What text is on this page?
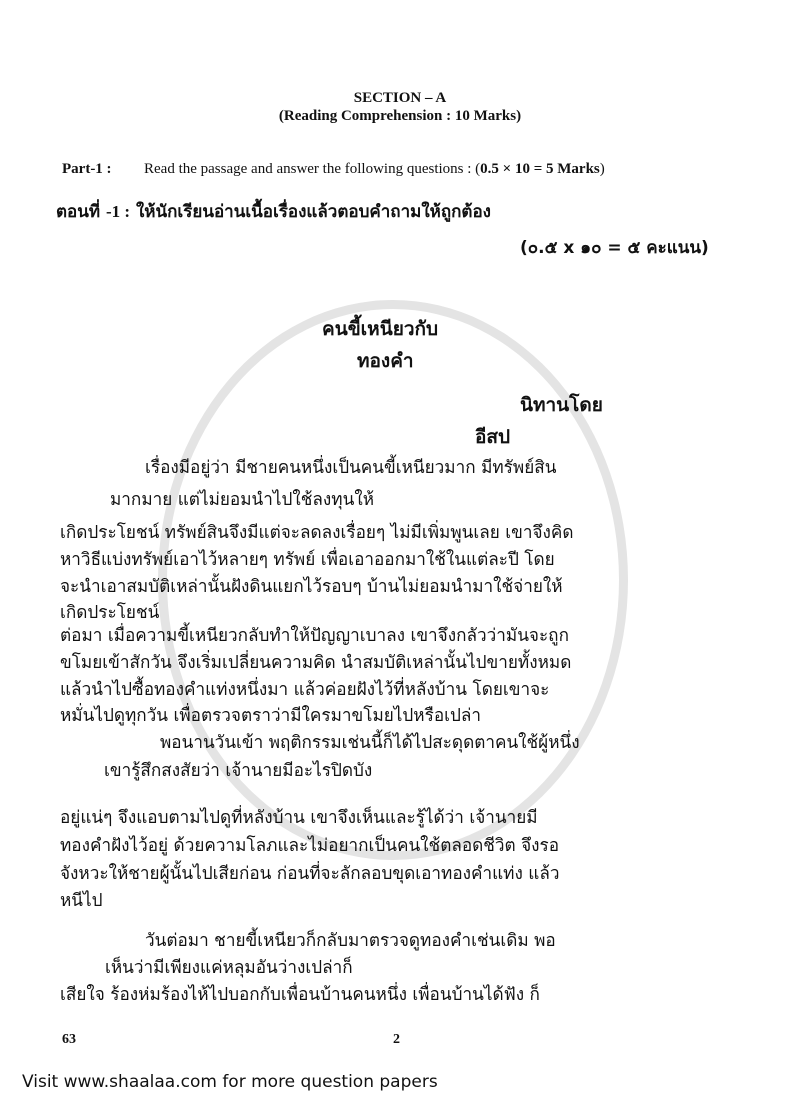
SECTION – A
(Reading Comprehension : 10 Marks)
Part-1 : Read the passage and answer the following questions : (0.5 × 10 = 5 Marks)
ตอนที่ -1 : ให้นักเรียนอ่านเนื้อเรื่องแล้วตอบคำถามให้ถูกต้อง
(๐.๕ x ๑๐ = ๕ คะแนน)
คนขี้เหนียวกับ
ทองคำ
นิทานโดย
อีสป
เรื่องมีอยู่ว่า มีชายคนหนึ่งเป็นคนขี้เหนียวมาก มีทรัพย์สิน
มากมาย แต่ไม่ยอมนำไปใช้ลงทุนให้
เกิดประโยชน์ ทรัพย์สินจึงมีแต่จะลดลงเรื่อยๆ ไม่มีเพิ่มพูนเลย เขาจึงคิด
หาวิธีแบ่งทรัพย์เอาไว้หลายๆ ทรัพย์ เพื่อเอาออกมาใช้ในแต่ละปี โดย
จะนำเอาสมบัติเหล่านั้นฝังดินแยกไว้รอบๆ บ้านไม่ยอมนำมาใช้จ่ายให้
เกิดประโยชน์
ต่อมา เมื่อความขี้เหนียวกลับทำให้ปัญญาเบาลง เขาจึงกลัวว่ามันจะถูก
ขโมยเข้าสักวัน จึงเริ่มเปลี่ยนความคิด นำสมบัติเหล่านั้นไปขายทั้งหมด
แล้วนำไปซื้อทองคำแท่งหนึ่งมา แล้วค่อยฝังไว้ที่หลังบ้าน โดยเขาจะ
หมั่นไปดูทุกวัน เพื่อตรวจตราว่ามีใครมาขโมยไปหรือเปล่า
พอนานวันเข้า พฤติกรรมเช่นนี้ก็ได้ไปสะดุดตาคนใช้ผู้หนึ่ง
เขารู้สึกสงสัยว่า เจ้านายมีอะไรปิดบัง
อยู่แน่ๆ จึงแอบตามไปดูที่หลังบ้าน เขาจึงเห็นและรู้ได้ว่า เจ้านายมี
ทองคำฝังไว้อยู่ ด้วยความโลภและไม่อยากเป็นคนใช้ตลอดชีวิต จึงรอ
จังหวะให้ชายผู้นั้นไปเสียก่อน ก่อนที่จะลักลอบขุดเอาทองคำแท่ง แล้ว
หนีไป
วันต่อมา ชายขี้เหนียวก็กลับมาตรวจดูทองคำเช่นเดิม พอ
เห็นว่ามีเพียงแค่หลุมอันว่างเปล่าก็
เสียใจ ร้องห่มร้องไห้ไปบอกกับเพื่อนบ้านคนหนึ่ง เพื่อนบ้านได้ฟัง ก็
63	2
Visit www.shaalaa.com for more question papers
